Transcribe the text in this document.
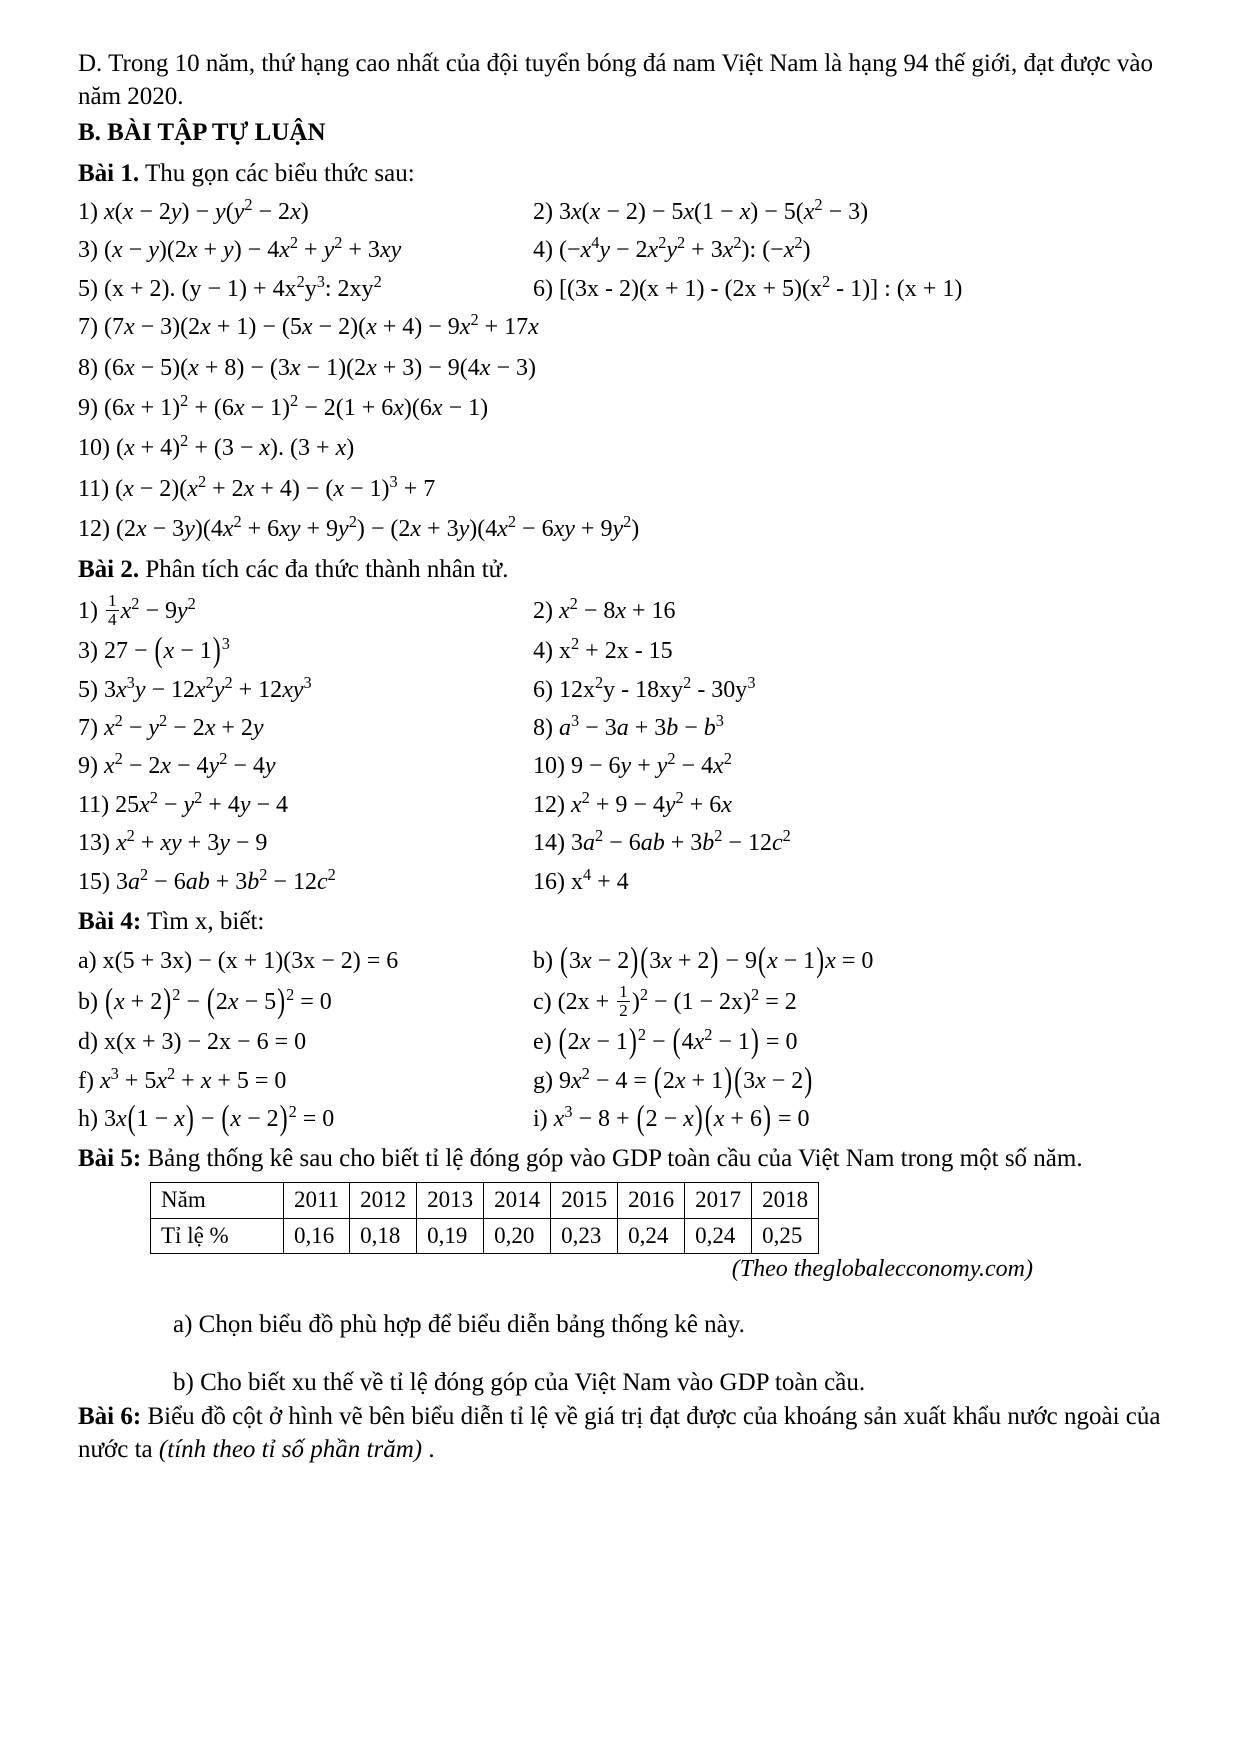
D. Trong 10 năm, thứ hạng cao nhất của đội tuyển bóng đá nam Việt Nam là hạng 94 thế giới, đạt được vào năm 2020.

B. BÀI TẬP TỰ LUẬN

Bài 1. Thu gọn các biểu thức sau:

1) $x(x - 2y) - y(y^2 - 2x)$	2) $3x(x - 2) - 5x(1 - x) - 5(x^2 - 3)$
3) $(x - y)(2x + y) - 4x^2 + y^2 + 3xy$	4) $(-x^4y - 2x^2y^2 + 3x^2)$: $(-x^2)$
5) (x + 2). $(y - 1) + 4x^2y^3$: $2xy^2$	6) $[(3x - 2)(x + 1) - (2x + 5)(x^2 - 1)]$ : (x + 1)
7) $(7x - 3)(2x + 1) - (5x - 2)(x + 4) - 9x^2 + 17x$
8) (6x − 5)(x + 8) − (3x − 1)(2x + 3) − 9(4x − 3)
9) $(6x + 1)^2 + (6x - 1)^2 - 2(1 + 6x)(6x - 1)$
10) $(x + 4)^2 + (3 - x)$. (3 + x)
11) $(x - 2)(x^2 + 2x + 4) - (x - 1)^3 + 7$
12) $(2x - 3y)(4x^2 + 6xy + 9y^2) - (2x + 3y)(4x^2 - 6xy + 9y^2)$

Bài 2. Phân tích các đa thức thành nhân tử.

$1) \frac{1}{4} x^2 - 9y^2$	2) $x^2 - 8x + 16$
3) $27 - (x - 1)^3$	4) $x^2 + 2x - 15$
5) $3x^3y - 12x^2y^2 + 12xy^3$	6) $12x^2y - 18xy^2 - 30y^3$
7) $x^2 - y^2 - 2x + 2y$	8) $a^3 - 3a + 3b - b^3$
9) $x^2 - 2x - 4y^2 - 4y$	10) $9 - 6y + y^2 - 4x^2$
11) $25x^2 - y^2 + 4y - 4$	12) $x^2 + 9 - 4y^2 + 6x$
13) $x^2$ + xy + 3y − 9	14) $3a^2 - 6ab + 3b^2 - 12c^2$
15) $3a^2 - 6ab + 3b^2 - 12c^2$	16) $x^4 + 4$

Bài 4: Tìm x, biết:

a) x(5 + 3x) − (x + 1)(3x − 2) = 6	b) (3x − 2)(3x + 2) − 9(x − 1)x = 0
b) $(x + 2)^2 - (2x - 5)^2 = 0$	c) $(2x + \frac{1}{2} )^2 - (1 - 2x)^2 = 2$
d) x(x + 3) − 2x − 6 = 0	e) $(2x - 1)^2 - (4x^2 - 1) = 0$
f) $x^3 + 5x^2 + x + 5 = 0$	g) $9x^2 - 4 = (2x + 1)(3x - 2)$
h) $3x(1 - x) - (x - 2)^2 = 0$	i) $x^3 - 8 + (2 - x)(x + 6) = 0$

Bài 5: Bảng thống kê sau cho biết tỉ lệ đóng góp vào GDP toàn cầu của Việt Nam trong một số năm.

Năm	2011	2012	2013	2014	2015	2016	2017	2018
Tỉ lệ %	0,16	0,18	0,19	0,20	0,23	0,24	0,24	0,25

(Theo theglobalecconomy.com)

a) Chọn biểu đồ phù hợp để biểu diễn bảng thống kê này.

b) Cho biết xu thế về tỉ lệ đóng góp của Việt Nam vào GDP toàn cầu.

Bài 6: Biểu đồ cột ở hình vẽ bên biểu diễn tỉ lệ về giá trị đạt được của khoáng sản xuất khẩu nước ngoài của nước ta (tính theo tỉ số phần trăm) .
